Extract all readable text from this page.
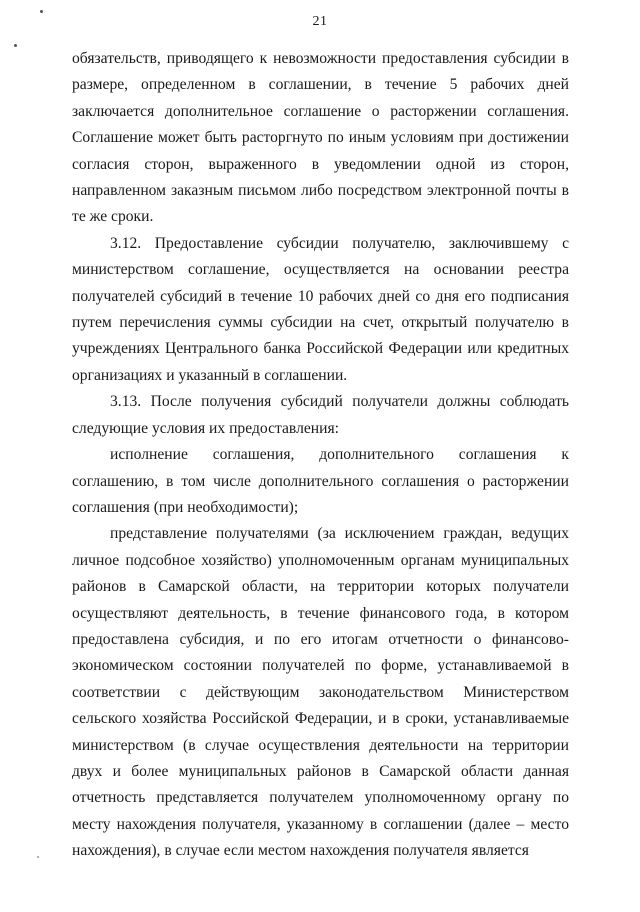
21

обязательств, приводящего к невозможности предоставления субсидии в размере, определенном в соглашении, в течение 5 рабочих дней заключается дополнительное соглашение о расторжении соглашения. Соглашение может быть расторгнуто по иным условиям при достижении согласия сторон, выраженного в уведомлении одной из сторон, направленном заказным письмом либо посредством электронной почты в те же сроки.

3.12. Предоставление субсидии получателю, заключившему с министерством соглашение, осуществляется на основании реестра получателей субсидий в течение 10 рабочих дней со дня его подписания путем перечисления суммы субсидии на счет, открытый получателю в учреждениях Центрального банка Российской Федерации или кредитных организациях и указанный в соглашении.

3.13. После получения субсидий получатели должны соблюдать следующие условия их предоставления:

исполнение соглашения, дополнительного соглашения к соглашению, в том числе дополнительного соглашения о расторжении соглашения (при необходимости);

представление получателями (за исключением граждан, ведущих личное подсобное хозяйство) уполномоченным органам муниципальных районов в Самарской области, на территории которых получатели осуществляют деятельность, в течение финансового года, в котором предоставлена субсидия, и по его итогам отчетности о финансово-экономическом состоянии получателей по форме, устанавливаемой в соответствии с действующим законодательством Министерством сельского хозяйства Российской Федерации, и в сроки, устанавливаемые министерством (в случае осуществления деятельности на территории двух и более муниципальных районов в Самарской области данная отчетность представляется получателем уполномоченному органу по месту нахождения получателя, указанному в соглашении (далее – место нахождения), в случае если местом нахождения получателя является
